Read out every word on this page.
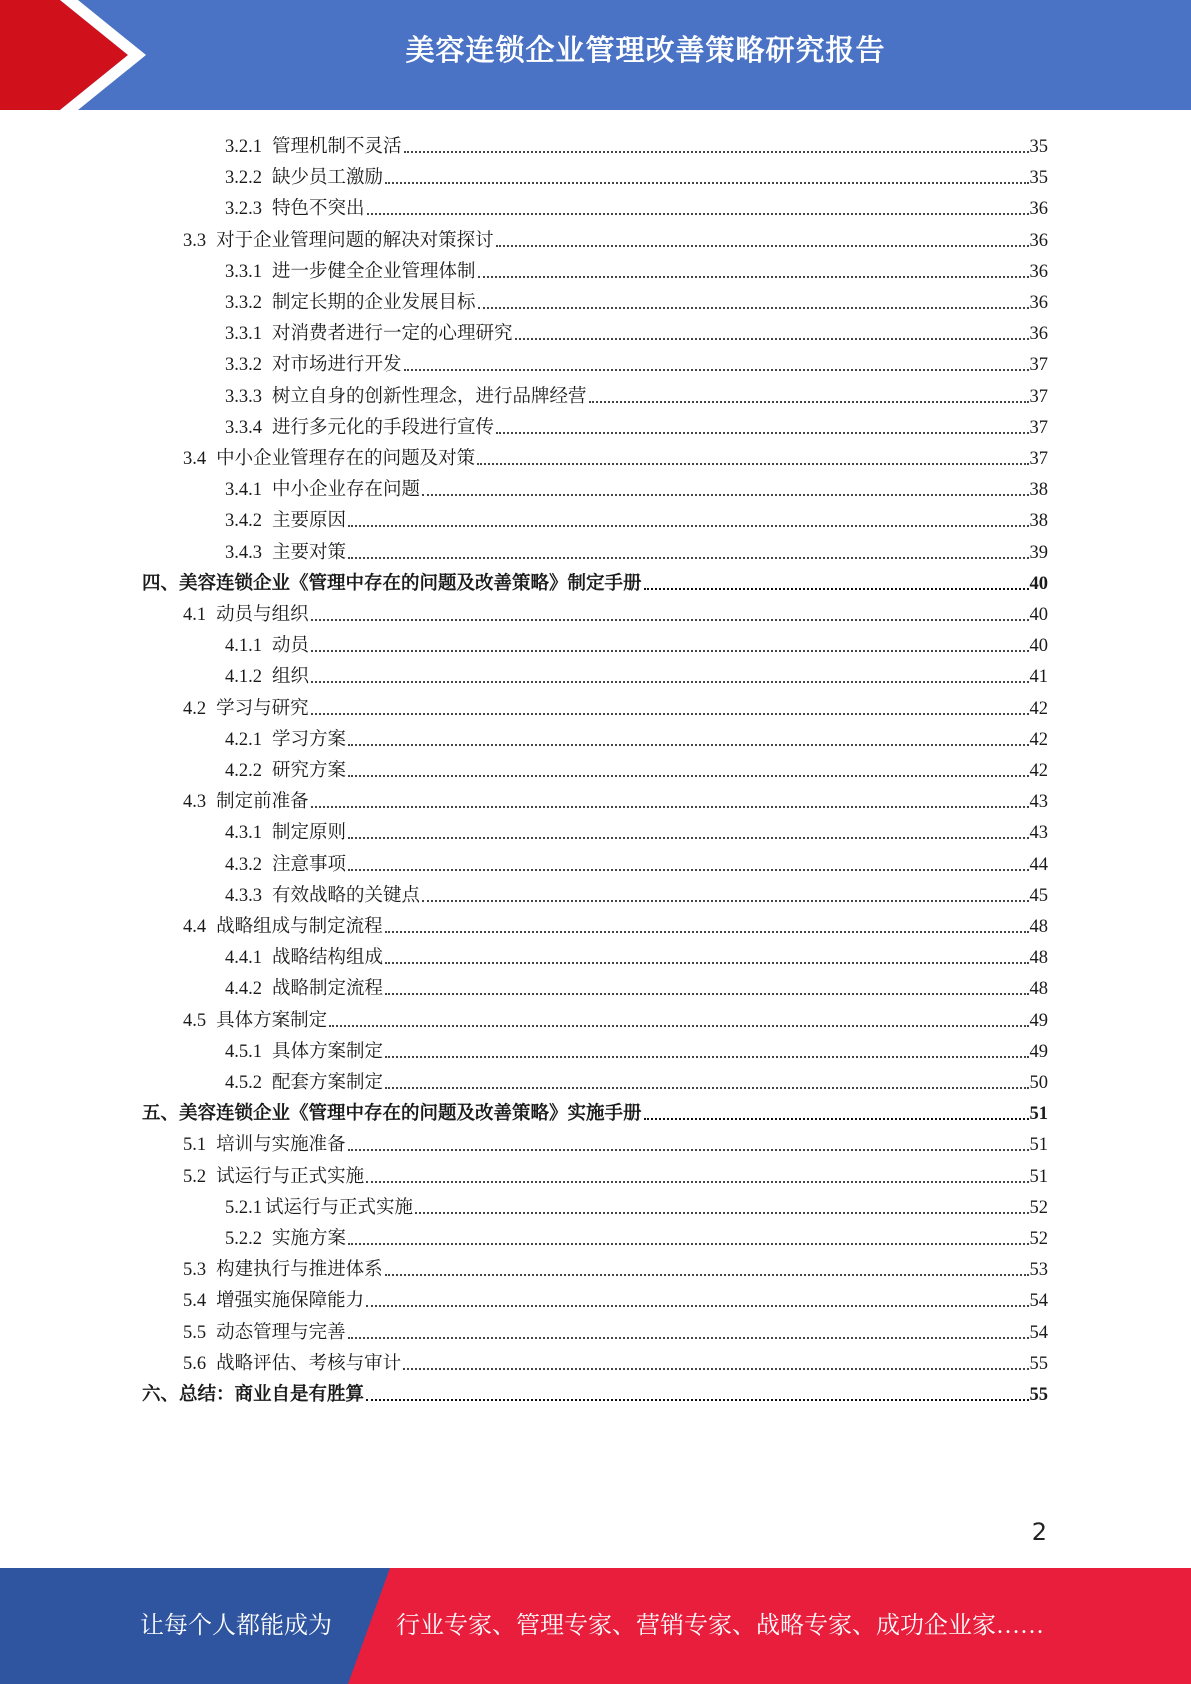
美容连锁企业管理改善策略研究报告
3.2.1 管理机制不灵活	35
3.2.2 缺少员工激励	35
3.2.3 特色不突出	36
3.3 对于企业管理问题的解决对策探讨	36
3.3.1 进一步健全企业管理体制	36
3.3.2 制定长期的企业发展目标	36
3.3.1 对消费者进行一定的心理研究	36
3.3.2 对市场进行开发	37
3.3.3 树立自身的创新性理念，进行品牌经营	37
3.3.4 进行多元化的手段进行宣传	37
3.4 中小企业管理存在的问题及对策	37
3.4.1 中小企业存在问题	38
3.4.2 主要原因	38
3.4.3 主要对策	39
四、 美容连锁企业《管理中存在的问题及改善策略》制定手册	40
4.1 动员与组织	40
4.1.1 动员	40
4.1.2 组织	41
4.2 学习与研究	42
4.2.1 学习方案	42
4.2.2 研究方案	42
4.3 制定前准备	43
4.3.1 制定原则	43
4.3.2 注意事项	44
4.3.3 有效战略的关键点	45
4.4 战略组成与制定流程	48
4.4.1 战略结构组成	48
4.4.2 战略制定流程	48
4.5 具体方案制定	49
4.5.1 具体方案制定	49
4.5.2 配套方案制定	50
五、 美容连锁企业《管理中存在的问题及改善策略》实施手册	51
5.1 培训与实施准备	51
5.2 试运行与正式实施	51
5.2.1 试运行与正式实施	52
5.2.2 实施方案	52
5.3 构建执行与推进体系	53
5.4 增强实施保障能力	54
5.5 动态管理与完善	54
5.6 战略评估、考核与审计	55
六、 总结：商业自是有胜算	55
2
让每个人都能成为	行业专家、管理专家、营销专家、战略专家、成功企业家……
